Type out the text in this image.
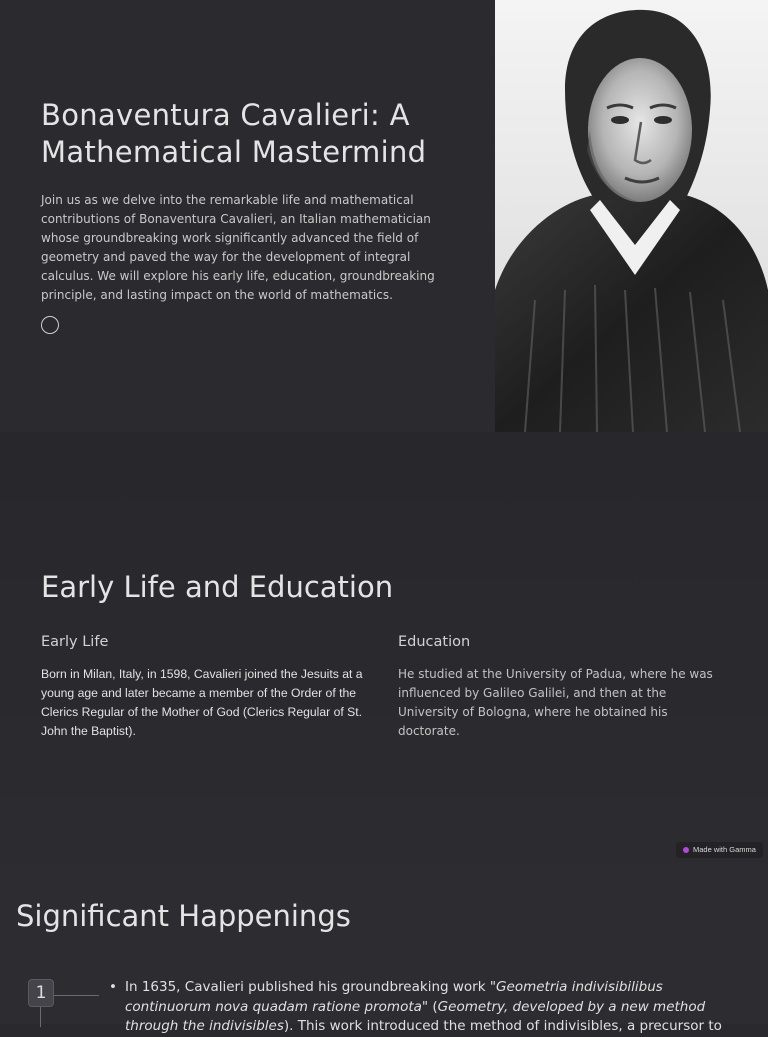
Bonaventura Cavalieri: A Mathematical Mastermind

Join us as we delve into the remarkable life and mathematical contributions of Bonaventura Cavalieri, an Italian mathematician whose groundbreaking work significantly advanced the field of geometry and paved the way for the development of integral calculus. We will explore his early life, education, groundbreaking principle, and lasting impact on the world of mathematics.

Early Life and Education
Early Life

Born in Milan, Italy, in 1598, Cavalieri joined the Jesuits at a young age and later became a member of the Order of the Clerics Regular of the Mother of God (Clerics Regular of St. John the Baptist).

Education

He studied at the University of Padua, where he was influenced by Galileo Galilei, and then at the University of Bologna, where he obtained his doctorate.

Made with Gamma
Significant Happenings
1	• In 1635, Cavalieri published his groundbreaking work "Geometria indivisibilibus continuorum nova quadam ratione promota" (Geometry, developed by a new method through the indivisibles). This work introduced the method of indivisibles, a precursor to
